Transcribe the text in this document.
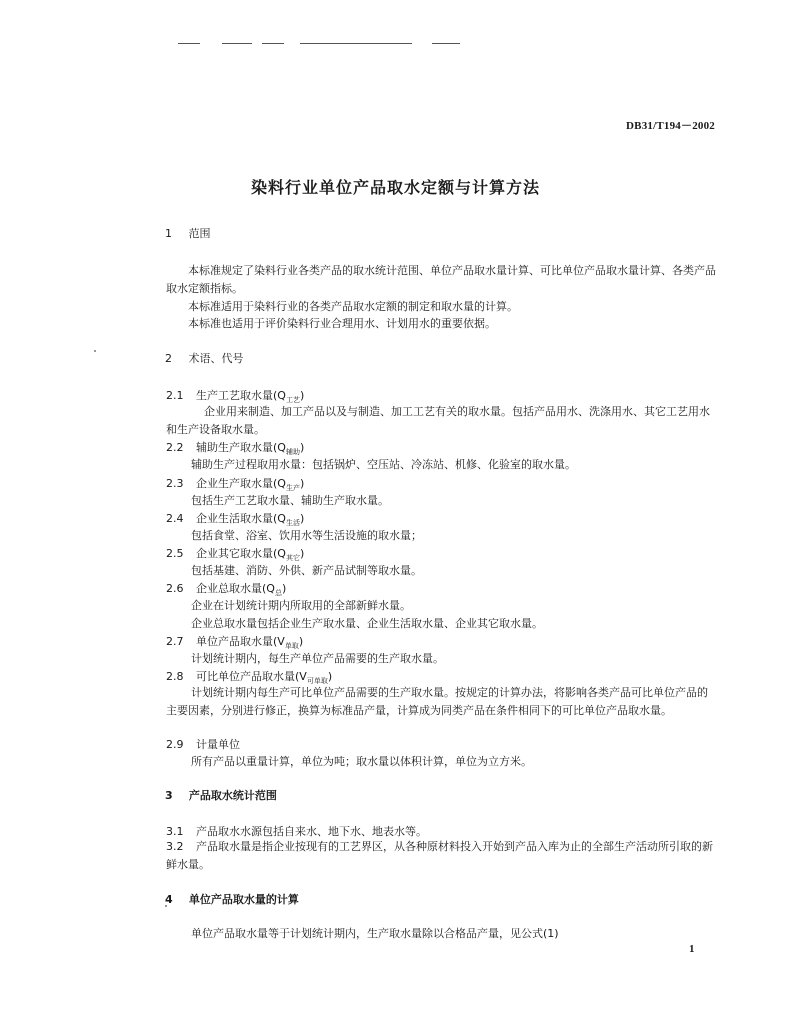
DB31/T194－2002
染料行业单位产品取水定额与计算方法
1 范围
本标准规定了染料行业各类产品的取水统计范围、单位产品取水量计算、可比单位产品取水量计算、各类产品取水定额指标。
本标准适用于染料行业的各类产品取水定额的制定和取水量的计算。
本标准也适用于评价染料行业合理用水、计划用水的重要依据。
2 术语、代号
2.1 生产工艺取水量$(Q_{工艺})$
企业用来制造、加工产品以及与制造、加工工艺有关的取水量。包括产品用水、洗涤用水、其它工艺用水和生产设备取水量。
2.2 辅助生产取水量$(Q_{辅助})$
辅助生产过程取用水量：包括锅炉、空压站、冷冻站、机修、化验室的取水量。
2.3 企业生产取水量$(Q_{生产})$
包括生产工艺取水量、辅助生产取水量。
2.4 企业生活取水量$(Q_{生活})$
包括食堂、浴室、饮用水等生活设施的取水量；
2.5 企业其它取水量$(Q_{其它})$
包括基建、消防、外供、新产品试制等取水量。
2.6 企业总取水量$(Q_总)$
企业在计划统计期内所取用的全部新鲜水量。
企业总取水量包括企业生产取水量、企业生活取水量、企业其它取水量。
2.7 单位产品取水量$(V_{单取})$
计划统计期内，每生产单位产品需要的生产取水量。
2.8 可比单位产品取水量$(V_{可单取})$
计划统计期内每生产可比单位产品需要的生产取水量。按规定的计算办法，将影响各类产品可比单位产品的主要因素，分别进行修正，换算为标准品产量，计算成为同类产品在条件相同下的可比单位产品取水量。
2.9 计量单位
所有产品以重量计算，单位为吨；取水量以体积计算，单位为立方米。
3 产品取水统计范围
3.1 产品取水水源包括自来水、地下水、地表水等。
3.2 产品取水量是指企业按现有的工艺界区，从各种原材料投入开始到产品入库为止的全部生产活动所引取的新鲜水量。
4 单位产品取水量的计算
单位产品取水量等于计划统计期内，生产取水量除以合格品产量，见公式(1)
1
